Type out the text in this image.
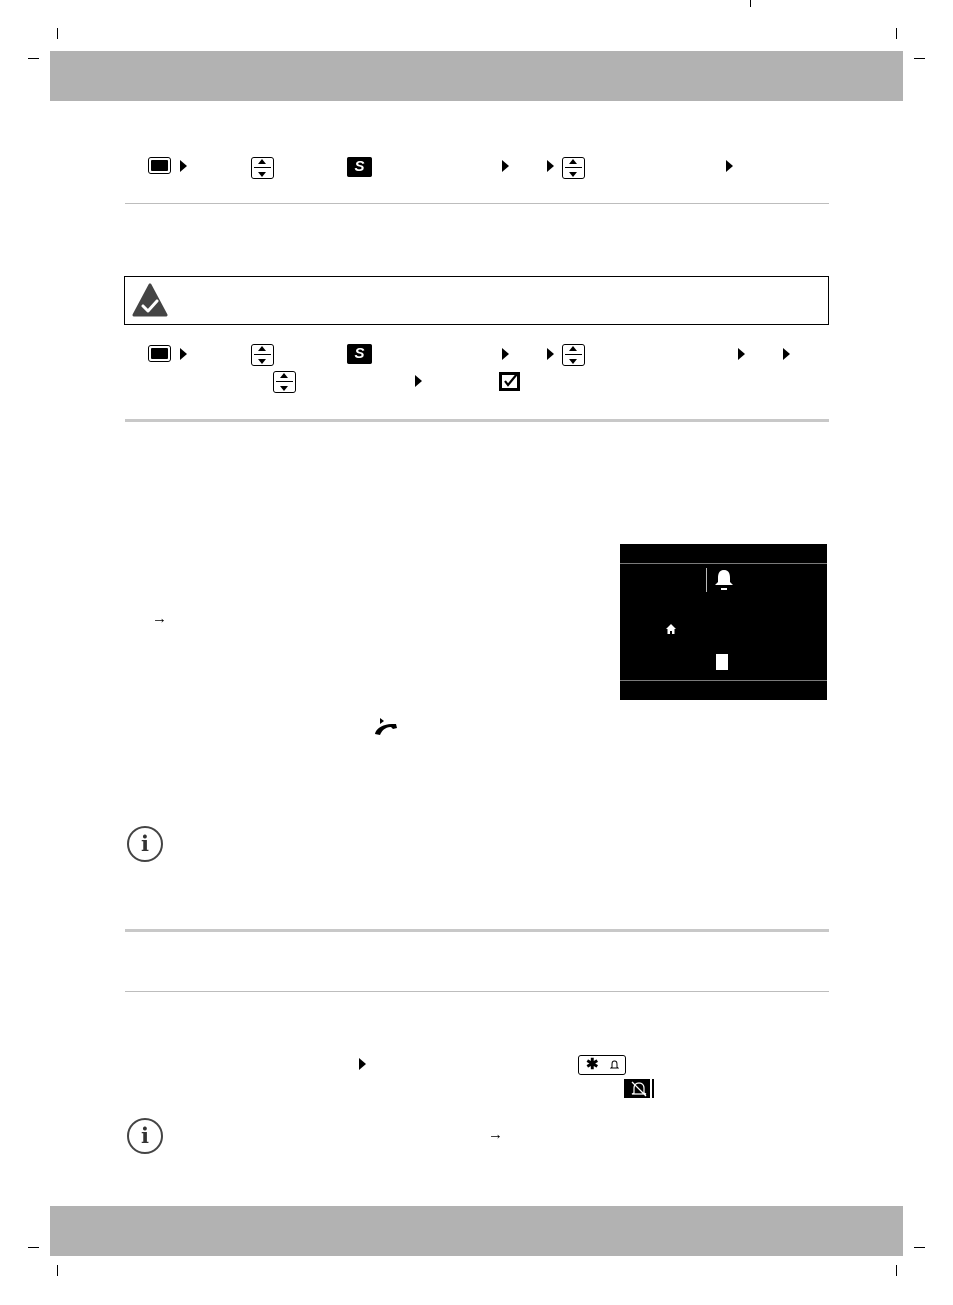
S
S
→
i
✱
i	→
